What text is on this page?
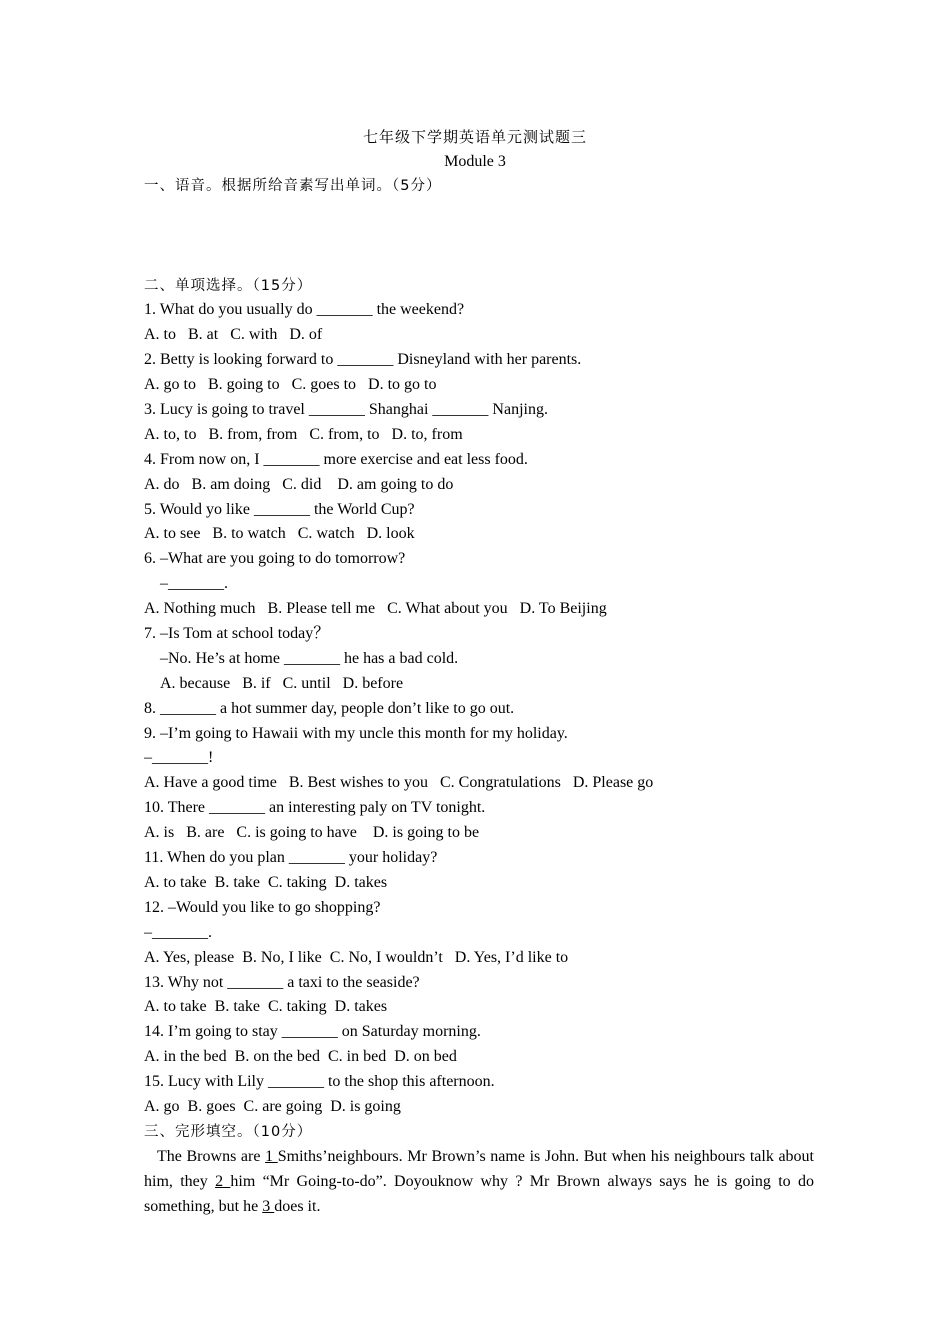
七年级下学期英语单元测试题三
Module 3
一、语音。根据所给音素写出单词。（5分）

二、单项选择。（15分）
1. What do you usually do _______ the weekend?
A. to   B. at   C. with   D. of
2. Betty is looking forward to _______ Disneyland with her parents.
A. go to   B. going to   C. goes to   D. to go to
3. Lucy is going to travel _______ Shanghai _______ Nanjing.
A. to, to   B. from, from   C. from, to   D. to, from
4. From now on, I _______ more exercise and eat less food.
A. do   B. am doing   C. did    D. am going to do
5. Would yo like _______ the World Cup?
A. to see   B. to watch   C. watch   D. look
6. –What are you going to do tomorrow?
–_______.
A. Nothing much   B. Please tell me   C. What about you   D. To Beijing
7. –Is Tom at school today？
–No. He’s at home _______ he has a bad cold.
A. because   B. if   C. until   D. before
8. _______ a hot summer day, people don’t like to go out.
9. –I’m going to Hawaii with my uncle this month for my holiday.
–_______!
A. Have a good time   B. Best wishes to you   C. Congratulations   D. Please go
10. There _______ an interesting paly on TV tonight.
A. is   B. are   C. is going to have    D. is going to be
11. When do you plan _______ your holiday?
A. to take  B. take  C. taking  D. takes
12. –Would you like to go shopping?
–_______.
A. Yes, please  B. No, I like  C. No, I wouldn’t   D. Yes, I’d like to
13. Why not _______ a taxi to the seaside?
A. to take  B. take  C. taking  D. takes
14. I’m going to stay _______ on Saturday morning.
A. in the bed  B. on the bed  C. in bed  D. on bed
15. Lucy with Lily _______ to the shop this afternoon.
A. go  B. goes  C. are going  D. is going
三、完形填空。（10分）

The Browns are 1 Smiths’neighbours. Mr Brown’s name is John. But when his neighbours talk about him, they 2 him “Mr Going-to-do”. Doyouknow why ? Mr Brown always says he is going to do something, but he 3 does it.
